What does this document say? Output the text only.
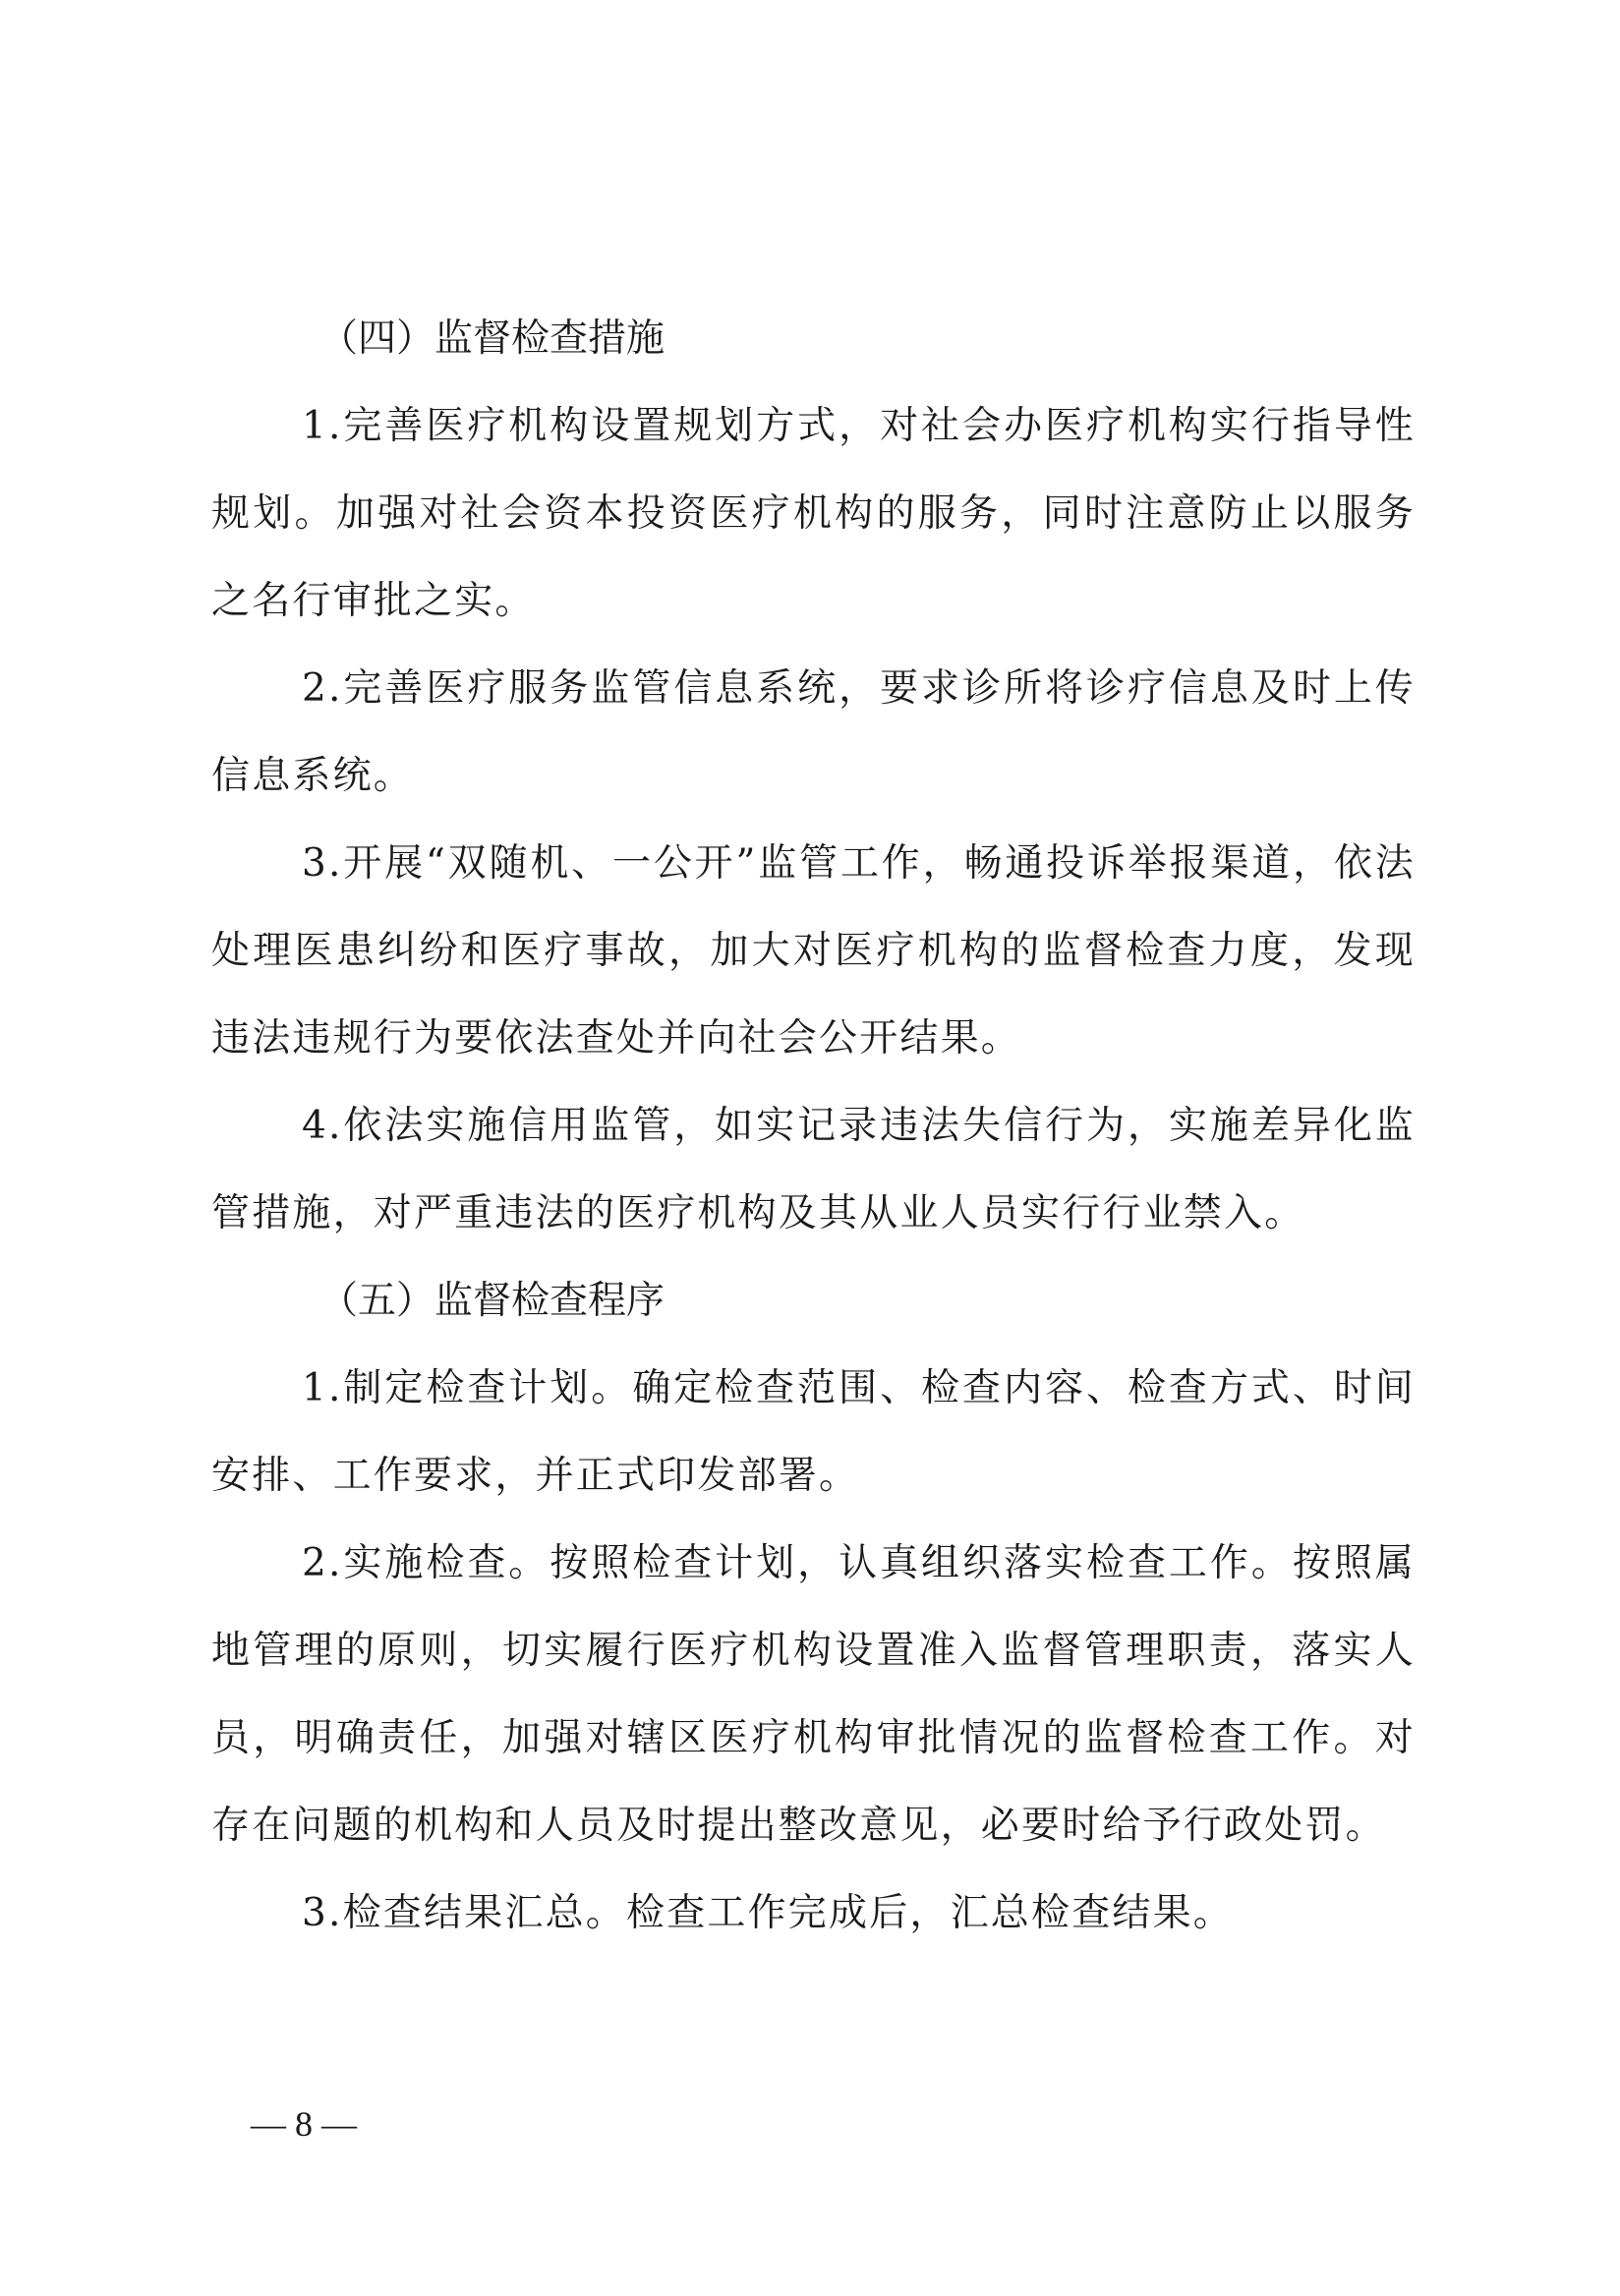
（四）监督检查措施

1.完善医疗机构设置规划方式，对社会办医疗机构实行指导性规划。加强对社会资本投资医疗机构的服务，同时注意防止以服务之名行审批之实。

2.完善医疗服务监管信息系统，要求诊所将诊疗信息及时上传信息系统。

3.开展“双随机、一公开”监管工作，畅通投诉举报渠道，依法处理医患纠纷和医疗事故，加大对医疗机构的监督检查力度，发现违法违规行为要依法查处并向社会公开结果。

4.依法实施信用监管，如实记录违法失信行为，实施差异化监管措施，对严重违法的医疗机构及其从业人员实行行业禁入。

（五）监督检查程序

1.制定检查计划。确定检查范围、检查内容、检查方式、时间安排、工作要求，并正式印发部署。

2.实施检查。按照检查计划，认真组织落实检查工作。按照属地管理的原则，切实履行医疗机构设置准入监督管理职责，落实人员，明确责任，加强对辖区医疗机构审批情况的监督检查工作。对存在问题的机构和人员及时提出整改意见，必要时给予行政处罚。

3.检查结果汇总。检查工作完成后，汇总检查结果。

— 8 —
